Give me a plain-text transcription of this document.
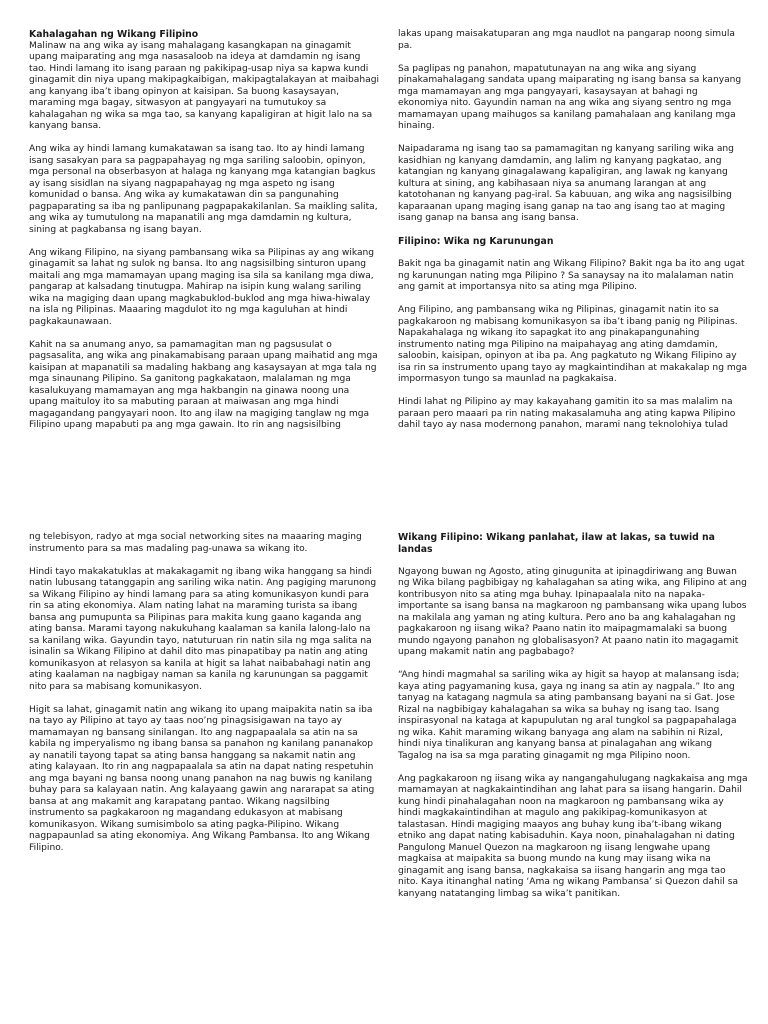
Kahalagahan ng Wikang Filipino
Malinaw na ang wika ay isang mahalagang kasangkapan na ginagamit upang maiparating ang mga nasasaloob na ideya at damdamin ng isang tao. Hindi lamang ito isang paraan ng pakikipag-usap niya sa kapwa kundi ginagamit din niya upang makipagkaibigan, makipagtalakayan at maibahagi ang kanyang iba’t ibang opinyon at kaisipan. Sa buong kasaysayan, maraming mga bagay, sitwasyon at pangyayari na tumutukoy sa kahalagahan ng wika sa mga tao, sa kanyang kapaligiran at higit lalo na sa kanyang bansa.
Ang wika ay hindi lamang kumakatawan sa isang tao. Ito ay hindi lamang isang sasakyan para sa pagpapahayag ng mga sariling saloobin, opinyon, mga personal na obserbasyon at halaga ng kanyang mga katangian bagkus ay isang sisidlan na siyang nagpapahayag ng mga aspeto ng isang komunidad o bansa. Ang wika ay kumakatawan din sa pangunahing pagpaparating sa iba ng panlipunang pagpapakakilanlan. Sa maikling salita, ang wika ay tumutulong na mapanatili ang mga damdamin ng kultura, sining at pagkabansa ng isang bayan.
Ang wikang Filipino, na siyang pambansang wika sa Pilipinas ay ang wikang ginagamit sa lahat ng sulok ng bansa. Ito ang nagsisilbing sinturon upang maitali ang mga mamamayan upang maging isa sila sa kanilang mga diwa, pangarap at kalsadang tinutugpa. Mahirap na isipin kung walang sariling wika na magiging daan upang magkabuklod-buklod ang mga hiwa-hiwalay na isla ng Pilipinas. Maaaring magdulot ito ng mga kaguluhan at hindi pagkakaunawaan.
Kahit na sa anumang anyo, sa pamamagitan man ng pagsusulat o pagsasalita, ang wika ang pinakamabisang paraan upang maihatid ang mga kaisipan at mapanatili sa madaling hakbang ang kasaysayan at mga tala ng mga sinaunang Pilipino. Sa ganitong pagkakataon, malalaman ng mga kasalukuyang mamamayan ang mga hakbangin na ginawa noong una upang maituloy ito sa mabuting paraan at maiwasan ang mga hindi magagandang pangyayari noon. Ito ang ilaw na magiging tanglaw ng mga Filipino upang mapabuti pa ang mga gawain. Ito rin ang nagsisilbing
lakas upang maisakatuparan ang mga naudlot na pangarap noong simula pa.
Sa paglipas ng panahon, mapatutunayan na ang wika ang siyang pinakamahalagang sandata upang maiparating ng isang bansa sa kanyang mga mamamayan ang mga pangyayari, kasaysayan at bahagi ng ekonomiya nito. Gayundin naman na ang wika ang siyang sentro ng mga mamamayan upang maihugos sa kanilang pamahalaan ang kanilang mga hinaing.
Naipadarama ng isang tao sa pamamagitan ng kanyang sariling wika ang kasidhian ng kanyang damdamin, ang lalim ng kanyang pagkatao, ang katangian ng kanyang ginagalawang kapaligiran, ang lawak ng kanyang kultura at sining, ang kabihasaan niya sa anumang larangan at ang katotohanan ng kanyang pag-iral. Sa kabuuan, ang wika ang nagsisilbing kaparaanan upang maging isang ganap na tao ang isang tao at maging isang ganap na bansa ang isang bansa.
Filipino: Wika ng Karunungan
Bakit nga ba ginagamit natin ang Wikang Filipino? Bakit nga ba ito ang ugat ng karunungan nating mga Pilipino ? Sa sanaysay na ito malalaman natin ang gamit at importansya nito sa ating mga Pilipino.
Ang Filipino, ang pambansang wika ng Pilipinas, ginagamit natin ito sa pagkakaroon ng mabisang komunikasyon sa iba’t ibang panig ng Pilipinas. Napakahalaga ng wikang ito sapagkat ito ang pinakapangunahing instrumento nating mga Pilipino na maipahayag ang ating damdamin, saloobin, kaisipan, opinyon at iba pa. Ang pagkatuto ng Wikang Filipino ay isa rin sa instrumento upang tayo ay magkaintindihan at makakalap ng mga impormasyon tungo sa maunlad na pagkakaisa.
Hindi lahat ng Pilipino ay may kakayahang gamitin ito sa mas malalim na paraan pero maaari pa rin nating makasalamuha ang ating kapwa Pilipino dahil tayo ay nasa modernong panahon, marami nang teknolohiya tulad
ng telebisyon, radyo at mga social networking sites na maaaring maging instrumento para sa mas madaling pag-unawa sa wikang ito.
Hindi tayo makakatuklas at makakagamit ng ibang wika hanggang sa hindi natin lubusang tatanggapin ang sariling wika natin. Ang pagiging marunong sa Wikang Filipino ay hindi lamang para sa ating komunikasyon kundi para rin sa ating ekonomiya. Alam nating lahat na maraming turista sa ibang bansa ang pumupunta sa Pilipinas para makita kung gaano kaganda ang ating bansa. Marami tayong nakukuhang kaalaman sa kanila lalong-lalo na sa kanilang wika. Gayundin tayo, natuturuan rin natin sila ng mga salita na isinalin sa Wikang Filipino at dahil dito mas pinapatibay pa natin ang ating komunikasyon at relasyon sa kanila at higit sa lahat naibabahagi natin ang ating kaalaman na nagbigay naman sa kanila ng karunungan sa paggamit nito para sa mabisang komunikasyon.
Higit sa lahat, ginagamit natin ang wikang ito upang maipakita natin sa iba na tayo ay Pilipino at tayo ay taas noo’ng pinagsisigawan na tayo ay mamamayan ng bansang sinilangan. Ito ang nagpapaalala sa atin na sa kabila ng imperyalismo ng ibang bansa sa panahon ng kanilang pananakop ay nanatili tayong tapat sa ating bansa hanggang sa nakamit natin ang ating kalayaan. Ito rin ang nagpapaalala sa atin na dapat nating respetuhin ang mga bayani ng bansa noong unang panahon na nag buwis ng kanilang buhay para sa kalayaan natin. Ang kalayaang gawin ang nararapat sa ating bansa at ang makamit ang karapatang pantao. Wikang nagsilbing instrumento sa pagkakaroon ng magandang edukasyon at mabisang komunikasyon. Wikang sumisimbolo sa ating pagka-Pilipino. Wikang nagpapaunlad sa ating ekonomiya. Ang Wikang Pambansa. Ito ang Wikang Filipino.
Wikang Filipino: Wikang panlahat, ilaw at lakas, sa tuwid na landas
Ngayong buwan ng Agosto, ating ginugunita at ipinagdiriwang ang Buwan ng Wika bilang pagbibigay ng kahalagahan sa ating wika, ang Filipino at ang kontribusyon nito sa ating mga buhay. Ipinapaalala nito na napaka-importante sa isang bansa na magkaroon ng pambansang wika upang lubos na makilala ang yaman ng ating kultura. Pero ano ba ang kahalagahan ng pagkakaroon ng iisang wika? Paano natin ito maipagmamalaki sa buong mundo ngayong panahon ng globalisasyon? At paano natin ito magagamit upang makamit natin ang pagbabago?
“Ang hindi magmahal sa sariling wika ay higit sa hayop at malansang isda; kaya ating pagyamaning kusa, gaya ng inang sa atin ay nagpala.” Ito ang tanyag na katagang nagmula sa ating pambansang bayani na si Gat. Jose Rizal na nagbibigay kahalagahan sa wika sa buhay ng isang tao. Isang inspirasyonal na kataga at kapupulutan ng aral tungkol sa pagpapahalaga ng wika. Kahit maraming wikang banyaga ang alam na sabihin ni Rizal, hindi niya tinalikuran ang kanyang bansa at pinalagahan ang wikang Tagalog na isa sa mga parating ginagamit ng mga Pilipino noon.
Ang pagkakaroon ng iisang wika ay nangangahulugang nagkakaisa ang mga mamamayan at nagkakaintindihan ang lahat para sa iisang hangarin. Dahil kung hindi pinahalagahan noon na magkaroon ng pambansang wika ay hindi magkakaintindihan at magulo ang pakikipag-komunikasyon at talastasan. Hindi magiging maayos ang buhay kung iba’t-ibang wikang etniko ang dapat nating kabisaduhin. Kaya noon, pinahalagahan ni dating Pangulong Manuel Quezon na magkaroon ng iisang lengwahe upang magkaisa at maipakita sa buong mundo na kung may iisang wika na ginagamit ang isang bansa, nagkakaisa sa iisang hangarin ang mga tao nito. Kaya itinanghal nating ‘Ama ng wikang Pambansa’ si Quezon dahil sa kanyang natatanging limbag sa wika’t panitikan.
